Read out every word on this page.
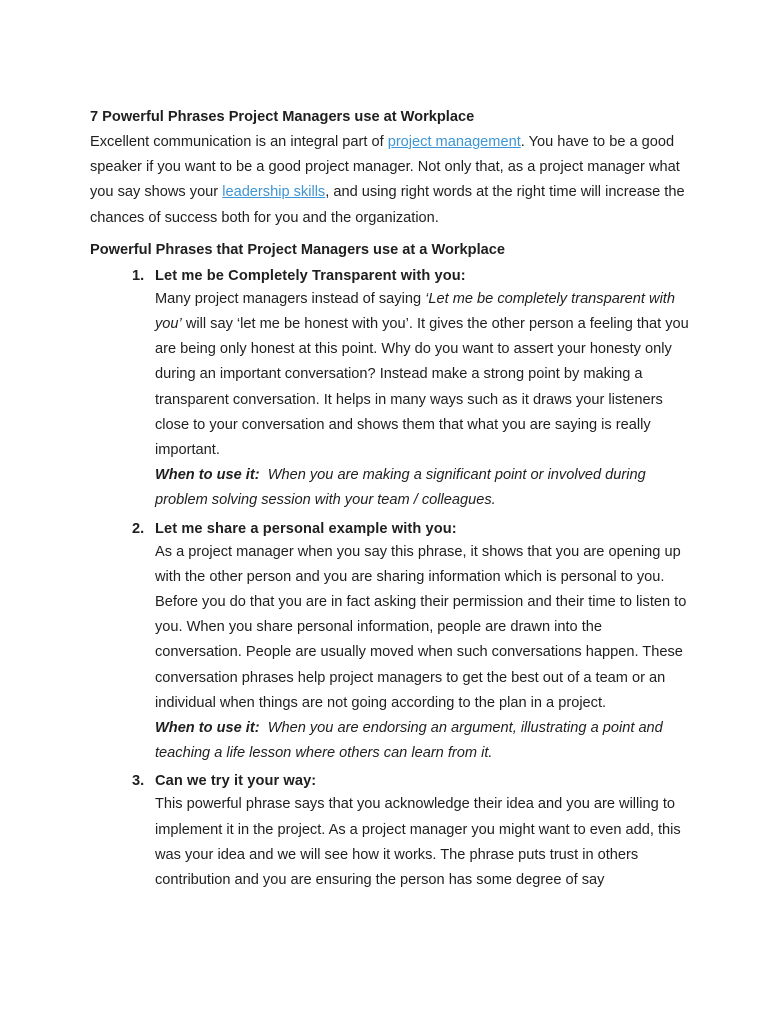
7 Powerful Phrases Project Managers use at Workplace

Excellent communication is an integral part of project management. You have to be a good speaker if you want to be a good project manager. Not only that, as a project manager what you say shows your leadership skills, and using right words at the right time will increase the chances of success both for you and the organization.

Powerful Phrases that Project Managers use at a Workplace
1. Let me be Completely Transparent with you:

Many project managers instead of saying ‘Let me be completely transparent with you’ will say ‘let me be honest with you’. It gives the other person a feeling that you are being only honest at this point. Why do you want to assert your honesty only during an important conversation? Instead make a strong point by making a transparent conversation. It helps in many ways such as it draws your listeners close to your conversation and shows them that what you are saying is really important.

When to use it: When you are making a significant point or involved during problem solving session with your team / colleagues.

2. Let me share a personal example with you:

As a project manager when you say this phrase, it shows that you are opening up with the other person and you are sharing information which is personal to you. Before you do that you are in fact asking their permission and their time to listen to you. When you share personal information, people are drawn into the conversation. People are usually moved when such conversations happen. These conversation phrases help project managers to get the best out of a team or an individual when things are not going according to the plan in a project.

When to use it: When you are endorsing an argument, illustrating a point and teaching a life lesson where others can learn from it.

3. Can we try it your way:

This powerful phrase says that you acknowledge their idea and you are willing to implement it in the project. As a project manager you might want to even add, this was your idea and we will see how it works. The phrase puts trust in others contribution and you are ensuring the person has some degree of say
